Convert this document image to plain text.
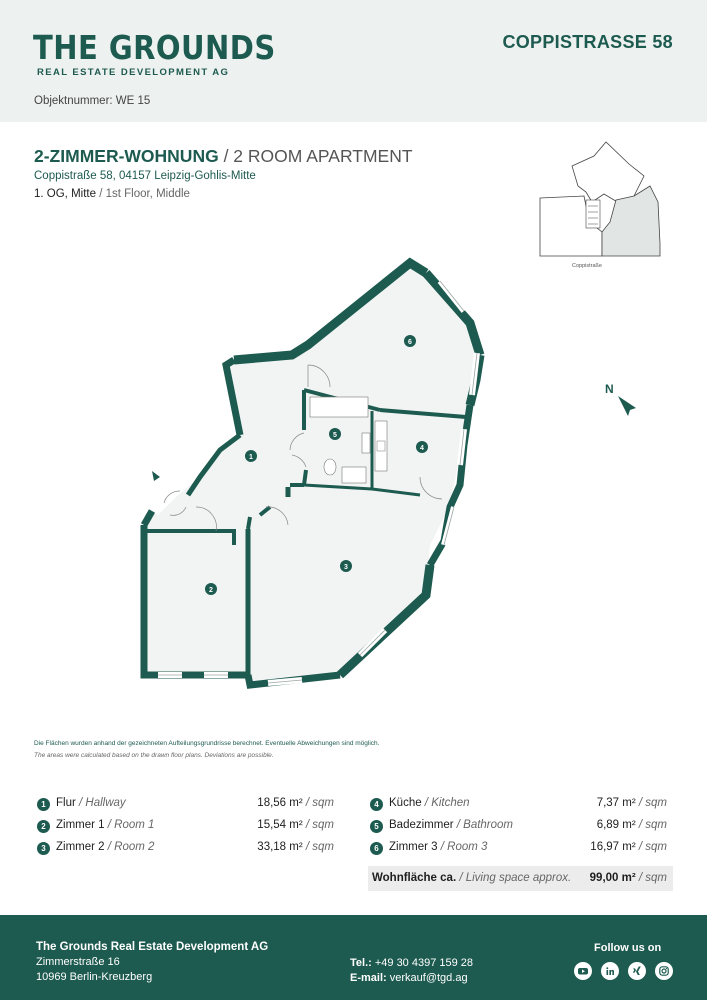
THE GROUNDS
REAL ESTATE DEVELOPMENT AG
COPPISTRASSE 58
Objektnummer: WE 15
2-ZIMMER-WOHNUNG / 2 ROOM APARTMENT
Coppistraße 58, 04157 Leipzig-Gohlis-Mitte
1. OG, Mitte / 1st Floor, Middle
Coppistraße
1
2
3
4
5
6
N
Die Flächen wurden anhand der gezeichneten Aufteilungsgrundrisse berechnet. Eventuelle Abweichungen sind möglich.
The areas were calculated based on the drawn floor plans. Deviations are possible.
1 Flur / Hallway	18,56 m² / sqm
2 Zimmer 1 / Room 1	15,54 m² / sqm
3 Zimmer 2 / Room 2	33,18 m² / sqm
4 Küche / Kitchen	7,37 m² / sqm
5 Badezimmer / Bathroom	6,89 m² / sqm
6 Zimmer 3 / Room 3	16,97 m² / sqm
Wohnfläche ca. / Living space approx. 99,00 m² / sqm
The Grounds Real Estate Development AG
Zimmerstraße 16
10969 Berlin-Kreuzberg
Tel.: +49 30 4397 159 28
E-mail: verkauf@tgd.ag
Follow us on
